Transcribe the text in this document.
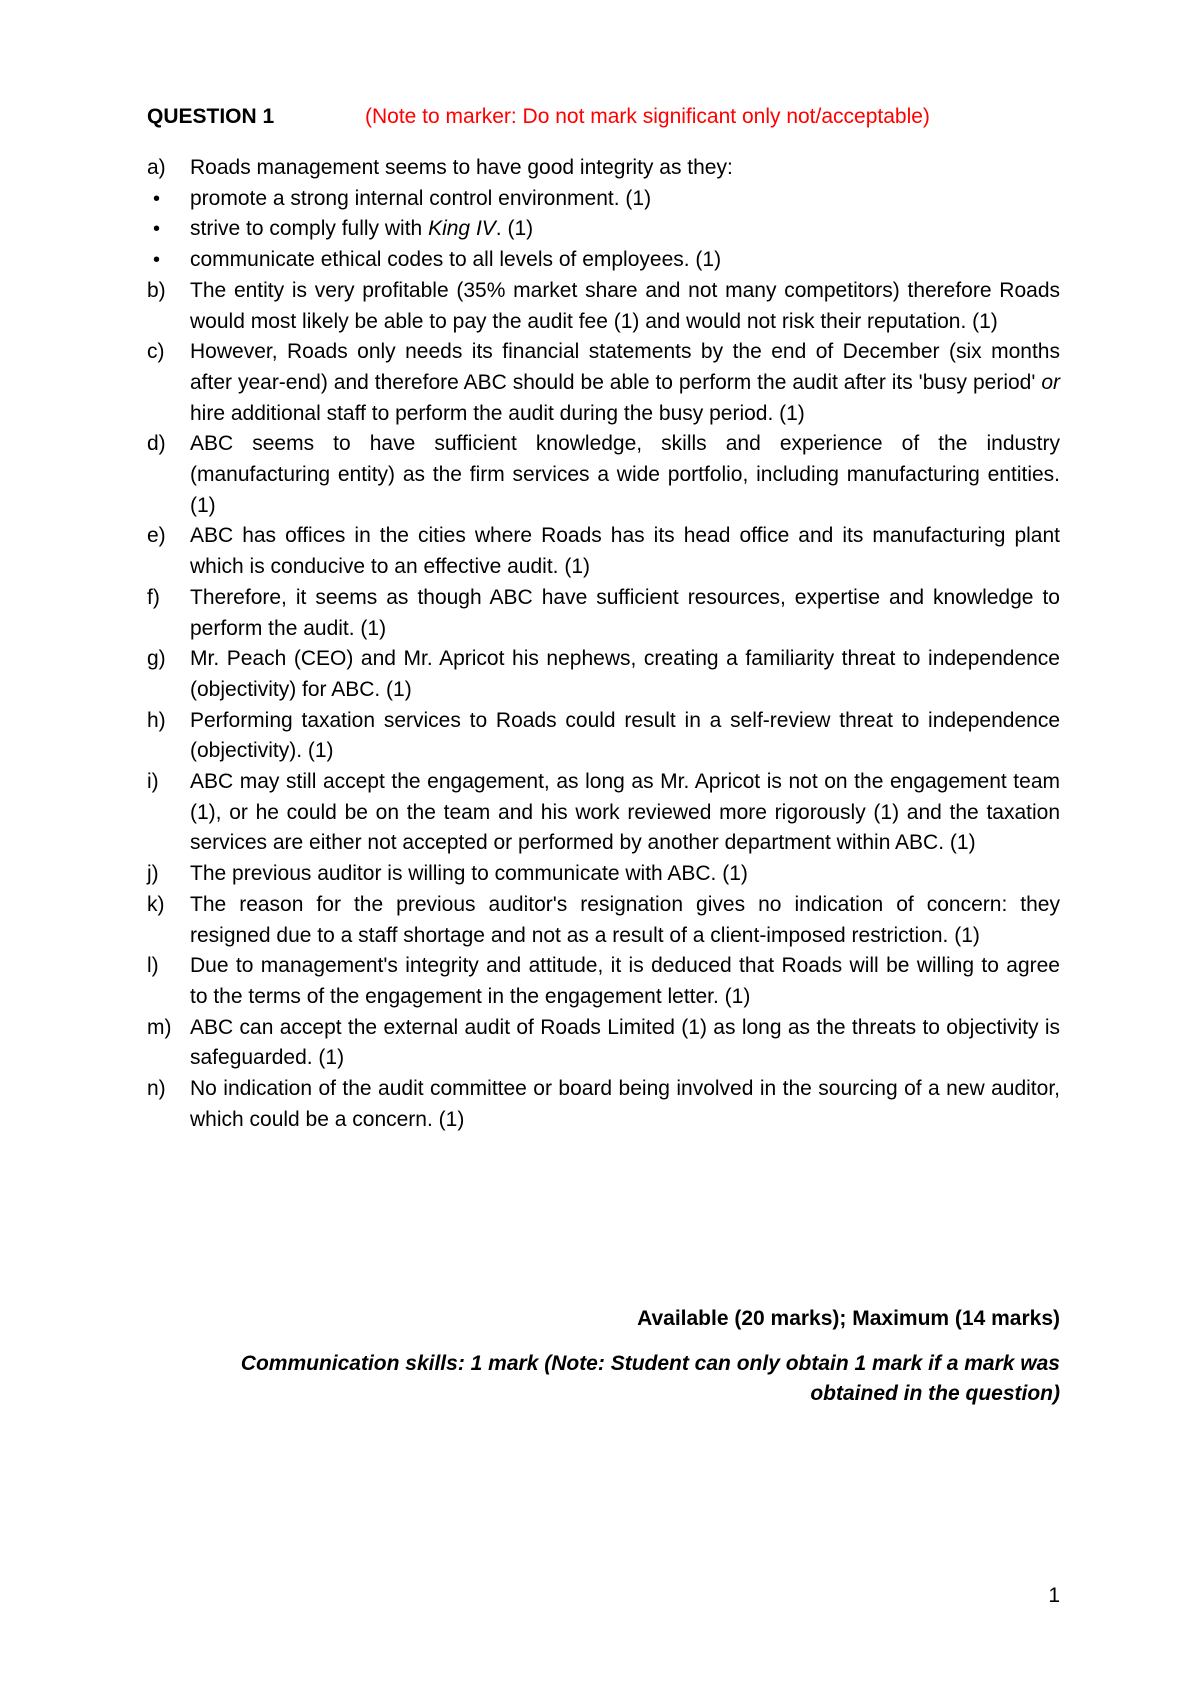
QUESTION 1	(Note to marker: Do not mark significant only not/acceptable)
a)	Roads management seems to have good integrity as they:
•	promote a strong internal control environment. (1)
•	strive to comply fully with King IV. (1)
•	communicate ethical codes to all levels of employees. (1)
b)	The entity is very profitable (35% market share and not many competitors) therefore Roads would most likely be able to pay the audit fee (1) and would not risk their reputation. (1)
c)	However, Roads only needs its financial statements by the end of December (six months after year-end) and therefore ABC should be able to perform the audit after its 'busy period' or hire additional staff to perform the audit during the busy period. (1)
d)	ABC seems to have sufficient knowledge, skills and experience of the industry (manufacturing entity) as the firm services a wide portfolio, including manufacturing entities. (1)
e)	ABC has offices in the cities where Roads has its head office and its manufacturing plant which is conducive to an effective audit. (1)
f)	Therefore, it seems as though ABC have sufficient resources, expertise and knowledge to perform the audit. (1)
g)	Mr. Peach (CEO) and Mr. Apricot his nephews, creating a familiarity threat to independence (objectivity) for ABC. (1)
h)	Performing taxation services to Roads could result in a self-review threat to independence (objectivity). (1)
i)	ABC may still accept the engagement, as long as Mr. Apricot is not on the engagement team (1), or he could be on the team and his work reviewed more rigorously (1) and the taxation services are either not accepted or performed by another department within ABC. (1)
j)	The previous auditor is willing to communicate with ABC. (1)
k)	The reason for the previous auditor's resignation gives no indication of concern: they resigned due to a staff shortage and not as a result of a client-imposed restriction. (1)
l)	Due to management's integrity and attitude, it is deduced that Roads will be willing to agree to the terms of the engagement in the engagement letter. (1)
m) ABC can accept the external audit of Roads Limited (1) as long as the threats to objectivity is safeguarded. (1)
n)	No indication of the audit committee or board being involved in the sourcing of a new auditor, which could be a concern. (1)
Available (20 marks); Maximum (14 marks)
Communication skills: 1 mark (Note: Student can only obtain 1 mark if a mark was
obtained in the question)
1
